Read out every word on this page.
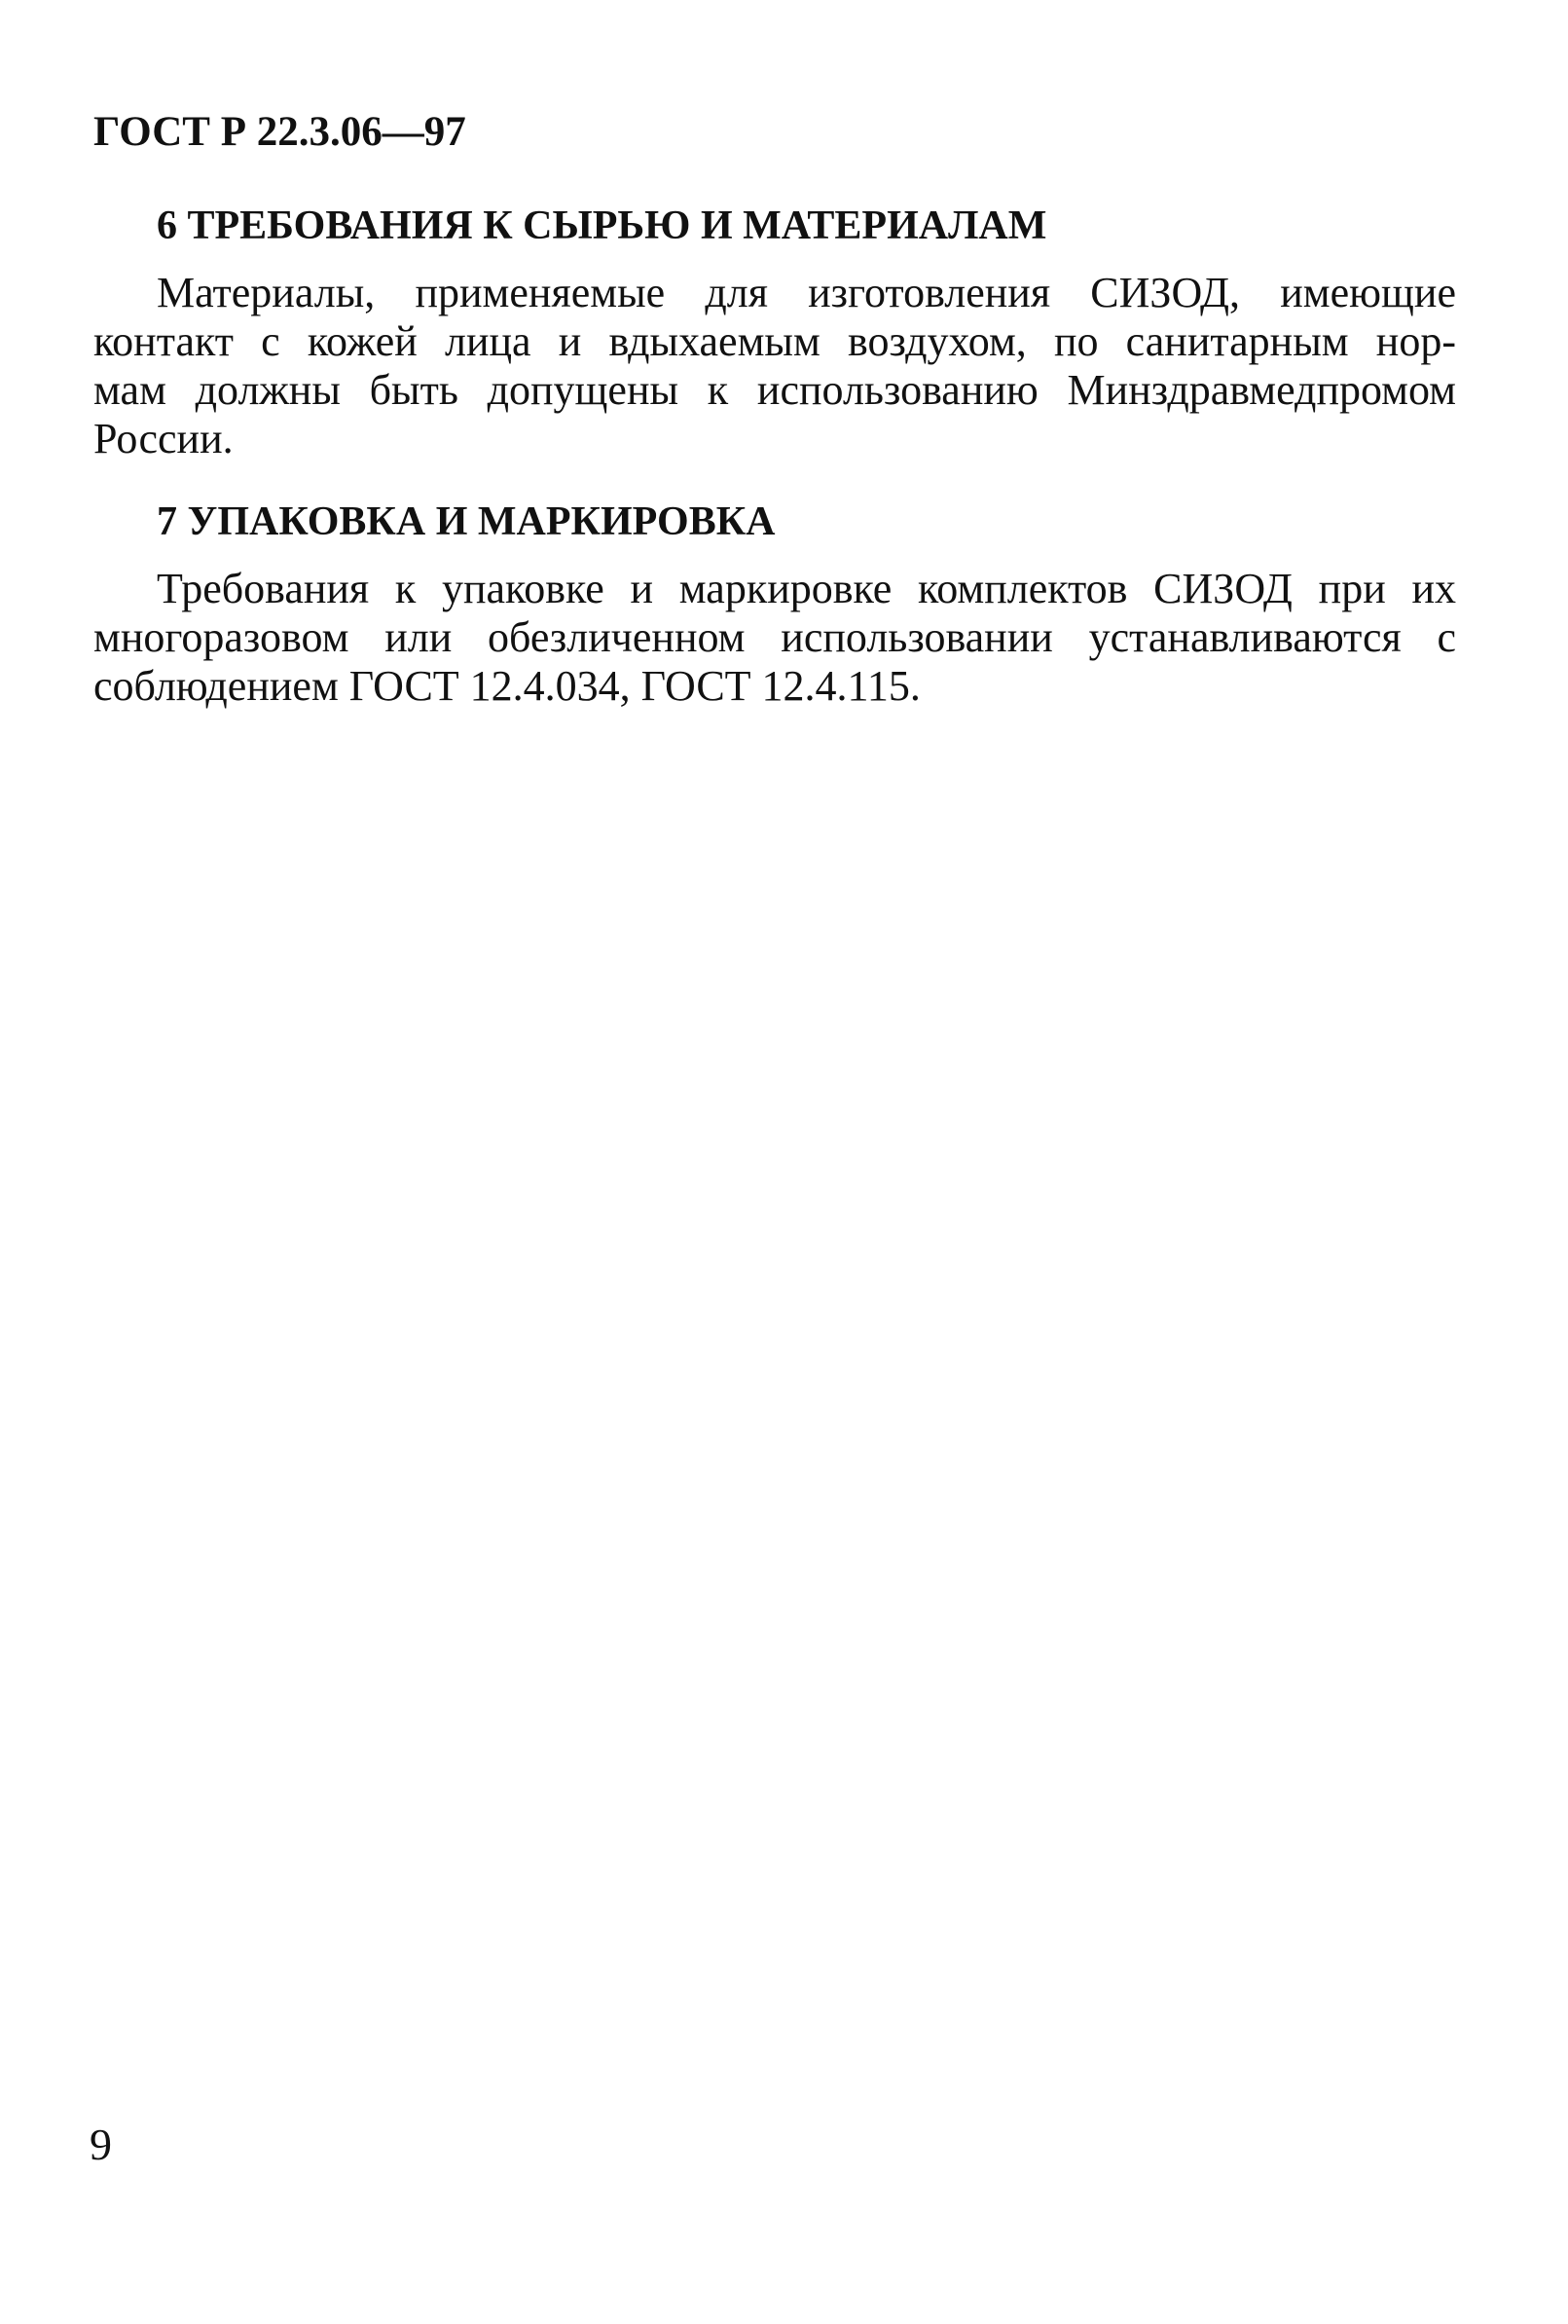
ГОСТ Р 22.3.06—97
6 ТРЕБОВАНИЯ К СЫРЬЮ И МАТЕРИАЛАМ
Материалы, применяемые для изготовления СИЗОД, имеющие
контакт с кожей лица и вдыхаемым воздухом, по санитарным нор-
мам должны быть допущены к использованию Минздравмедпромом
России.
7 УПАКОВКА И МАРКИРОВКА
Требования к упаковке и маркировке комплектов СИЗОД при их
многоразовом или обезличенном использовании устанавливаются с
соблюдением ГОСТ 12.4.034, ГОСТ 12.4.115.
9
